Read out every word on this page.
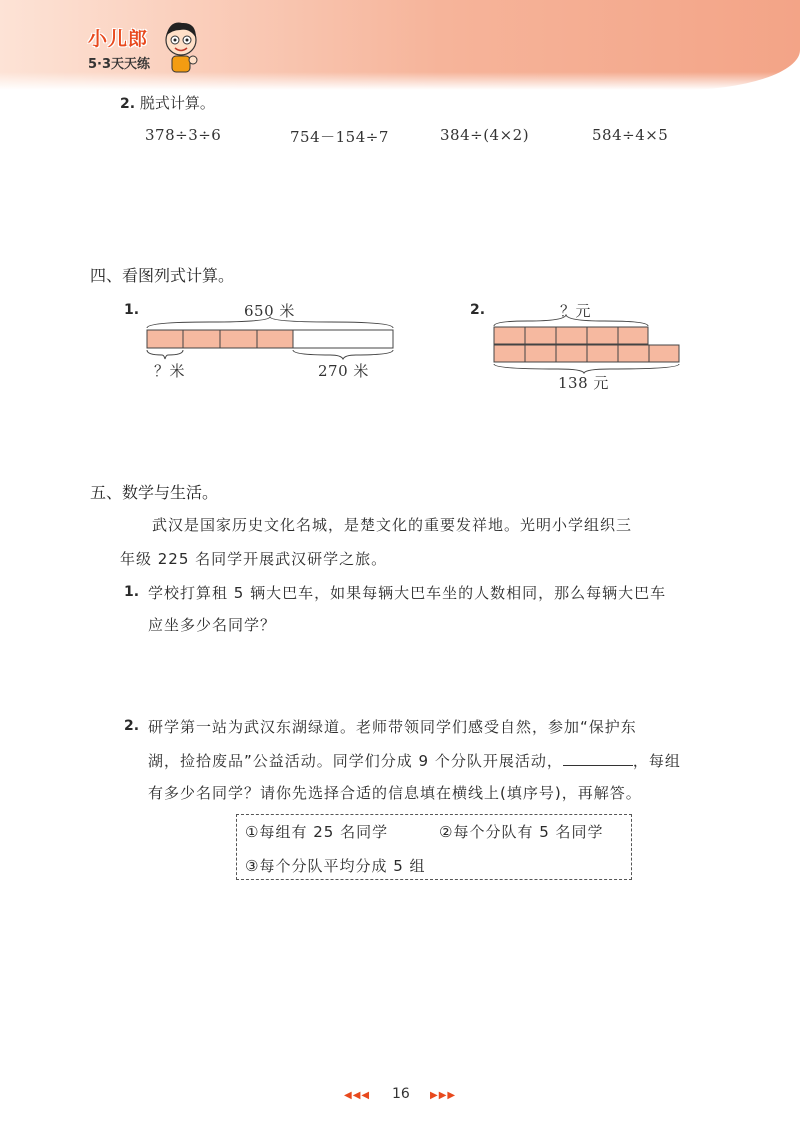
小儿郎
5·3天天练
2. 脱式计算。
378÷3÷6	754－154÷7	384÷(4×2)	584÷4×5
四、看图列式计算。
1.	650 米
？米	270 米
2.	？元
138 元
五、数学与生活。
武汉是国家历史文化名城，是楚文化的重要发祥地。光明小学组织三
年级 225 名同学开展武汉研学之旅。
1. 学校打算租 5 辆大巴车，如果每辆大巴车坐的人数相同，那么每辆大巴车
应坐多少名同学？
2. 研学第一站为武汉东湖绿道。老师带领同学们感受自然，参加“保护东
湖，捡拾废品”公益活动。同学们分成 9 个分队开展活动，	，每组
有多少名同学？请你先选择合适的信息填在横线上(填序号)，再解答。
①每组有 25 名同学	②每个分队有 5 名同学
③每个分队平均分成 5 组
◀◀◀ 16 ▶▶▶
